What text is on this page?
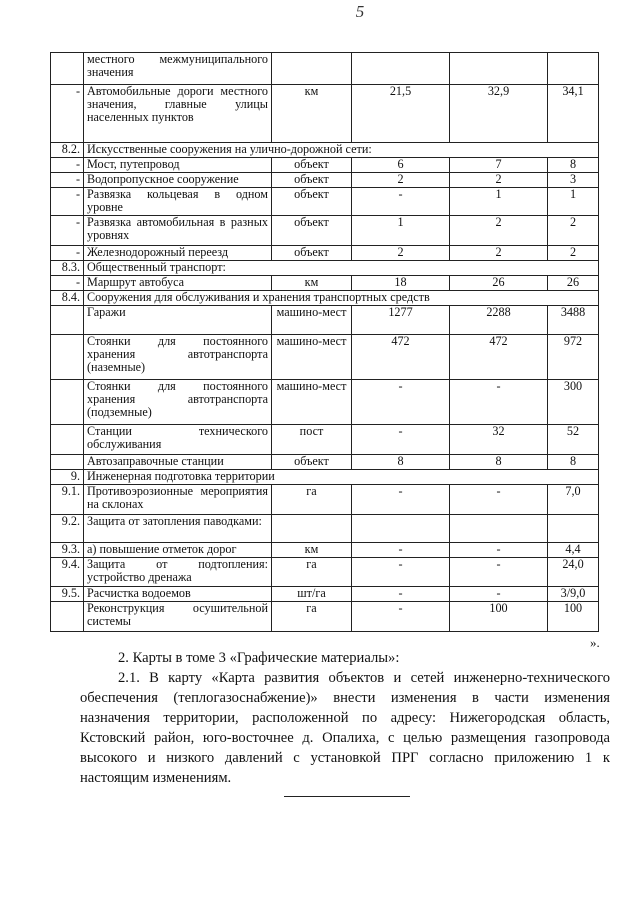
5
	местного межмуниципального значения				
-	Автомобильные дороги местного значения, главные улицы населенных пунктов	км	21,5	32,9	34,1
8.2.	Искусственные сооружения на улично-дорожной сети:				
-	Мост, путепровод	объект	6	7	8
-	Водопропускное сооружение	объект	2	2	3
-	Развязка кольцевая в одном уровне	объект	-	1	1
-	Развязка автомобильная в разных уровнях	объект	1	2	2
-	Железнодорожный переезд	объект	2	2	2
8.3.	Общественный транспорт:				
-	Маршрут автобуса	км	18	26	26
8.4.	Сооружения для обслуживания и хранения транспортных средств				
	Гаражи	машино-мест	1277	2288	3488
	Стоянки для постоянного хранения автотранспорта (наземные)	машино-мест	472	472	972
	Стоянки для постоянного хранения автотранспорта (подземные)	машино-мест	-	-	300
	Станции технического обслуживания	пост	-	32	52
	Автозаправочные станции	объект	8	8	8
9.	Инженерная подготовка территории				
9.1.	Противоэрозионные мероприятия на склонах	га	-	-	7,0
9.2.	Защита от затопления паводками:				
9.3.	а) повышение отметок дорог	км	-	-	4,4
9.4.	Защита от подтопления: устройство дренажа	га	-	-	24,0
9.5.	Расчистка водоемов	шт/га	-	-	3/9,0
	Реконструкция осушительной системы	га	-	100	100
».
2. Карты в томе 3 «Графические материалы»:
2.1. В карту «Карта развития объектов и сетей инженерно-технического обеспечения (теплогазоснабжение)» внести изменения в части изменения назначения территории, расположенной по адресу: Нижегородская область, Кстовский район, юго-восточнее д. Опалиха, с целью размещения газопровода высокого и низкого давлений с установкой ПРГ согласно приложению 1 к настоящим изменениям.
